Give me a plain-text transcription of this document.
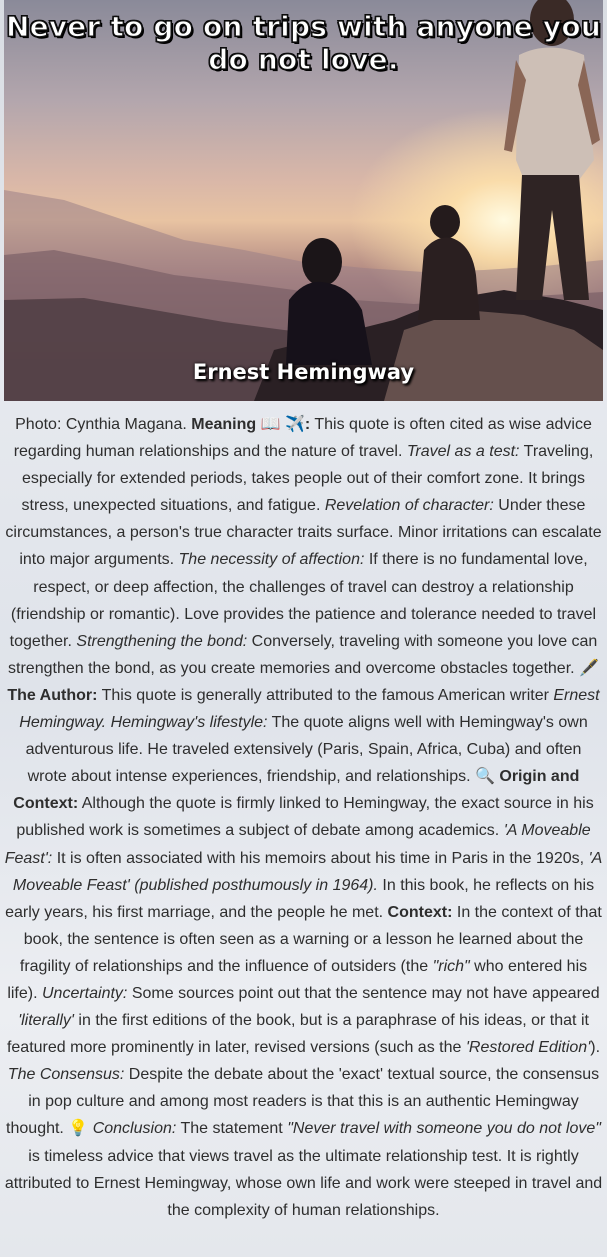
Never to go on trips with anyone you do not love.
Ernest Hemingway
Photo: Cynthia Magana. Meaning 📖 ✈️: This quote is often cited as wise advice regarding human relationships and the nature of travel. Travel as a test: Traveling, especially for extended periods, takes people out of their comfort zone. It brings stress, unexpected situations, and fatigue. Revelation of character: Under these circumstances, a person's true character traits surface. Minor irritations can escalate into major arguments. The necessity of affection: If there is no fundamental love, respect, or deep affection, the challenges of travel can destroy a relationship (friendship or romantic). Love provides the patience and tolerance needed to travel together. Strengthening the bond: Conversely, traveling with someone you love can strengthen the bond, as you create memories and overcome obstacles together. 🖋️ The Author: This quote is generally attributed to the famous American writer Ernest Hemingway. Hemingway's lifestyle: The quote aligns well with Hemingway's own adventurous life. He traveled extensively (Paris, Spain, Africa, Cuba) and often wrote about intense experiences, friendship, and relationships. 🔍 Origin and Context: Although the quote is firmly linked to Hemingway, the exact source in his published work is sometimes a subject of debate among academics. 'A Moveable Feast': It is often associated with his memoirs about his time in Paris in the 1920s, 'A Moveable Feast' (published posthumously in 1964). In this book, he reflects on his early years, his first marriage, and the people he met. Context: In the context of that book, the sentence is often seen as a warning or a lesson he learned about the fragility of relationships and the influence of outsiders (the "rich" who entered his life). Uncertainty: Some sources point out that the sentence may not have appeared 'literally' in the first editions of the book, but is a paraphrase of his ideas, or that it featured more prominently in later, revised versions (such as the 'Restored Edition'). The Consensus: Despite the debate about the 'exact' textual source, the consensus in pop culture and among most readers is that this is an authentic Hemingway thought. 💡 Conclusion: The statement "Never travel with someone you do not love" is timeless advice that views travel as the ultimate relationship test. It is rightly attributed to Ernest Hemingway, whose own life and work were steeped in travel and the complexity of human relationships.
